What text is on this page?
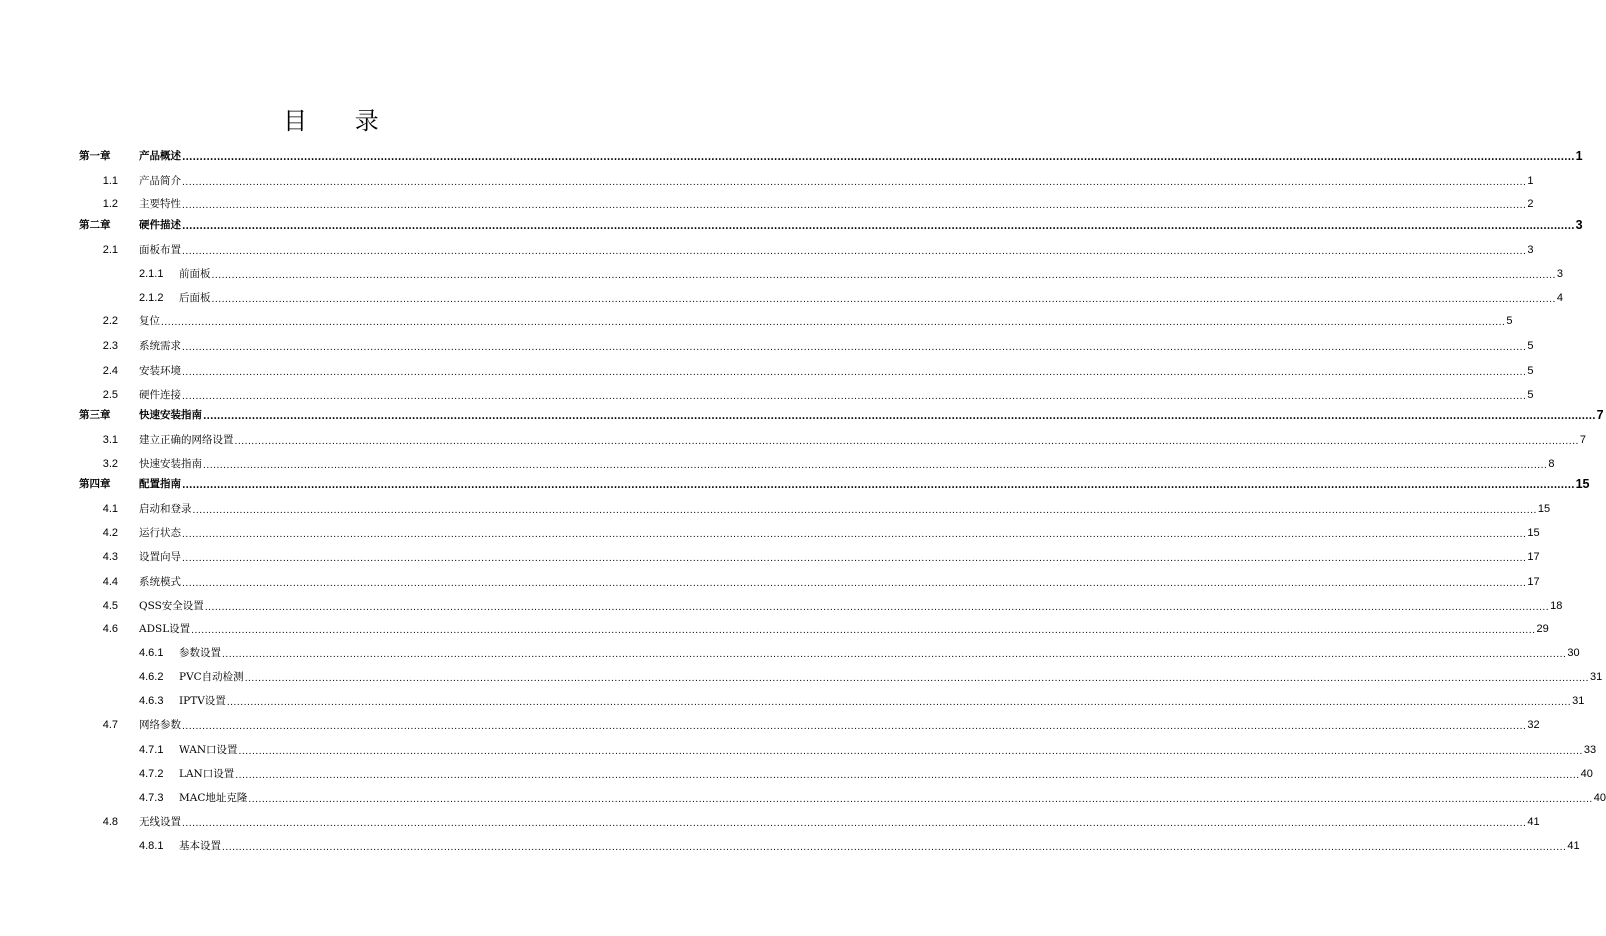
目 录
第一章	产品概述 ................................................................................................................................................................................................................................................................................................................................................................................................................ 1
1.1 产品简介 ................................................................................................................................................................................................................................................................................................................................................................................................................ 1
1.2 主要特性 ................................................................................................................................................................................................................................................................................................................................................................................................................ 2
第二章	硬件描述 ................................................................................................................................................................................................................................................................................................................................................................................................................ 3
2.1 面板布置 ................................................................................................................................................................................................................................................................................................................................................................................................................ 3
2.1.1 前面板 ................................................................................................................................................................................................................................................................................................................................................................................................................ 3
2.1.2 后面板 ................................................................................................................................................................................................................................................................................................................................................................................................................ 4
2.2 复位 ................................................................................................................................................................................................................................................................................................................................................................................................................ 5
2.3 系统需求 ................................................................................................................................................................................................................................................................................................................................................................................................................ 5
2.4 安装环境 ................................................................................................................................................................................................................................................................................................................................................................................................................ 5
2.5 硬件连接 ................................................................................................................................................................................................................................................................................................................................................................................................................ 5
第三章	快速安装指南 ................................................................................................................................................................................................................................................................................................................................................................................................................ 7
3.1 建立正确的网络设置 ................................................................................................................................................................................................................................................................................................................................................................................................................ 7
3.2 快速安装指南 ................................................................................................................................................................................................................................................................................................................................................................................................................ 8
第四章	配置指南 ................................................................................................................................................................................................................................................................................................................................................................................................................ 15
4.1 启动和登录 ................................................................................................................................................................................................................................................................................................................................................................................................................ 15
4.2 运行状态 ................................................................................................................................................................................................................................................................................................................................................................................................................ 15
4.3 设置向导 ................................................................................................................................................................................................................................................................................................................................................................................................................ 17
4.4 系统模式 ................................................................................................................................................................................................................................................................................................................................................................................................................ 17
4.5 QSS安全设置 ................................................................................................................................................................................................................................................................................................................................................................................................................ 18
4.6 ADSL设置 ................................................................................................................................................................................................................................................................................................................................................................................................................ 29
4.6.1 参数设置 ................................................................................................................................................................................................................................................................................................................................................................................................................ 30
4.6.2 PVC自动检测 ................................................................................................................................................................................................................................................................................................................................................................................................................ 31
4.6.3 IPTV设置 ................................................................................................................................................................................................................................................................................................................................................................................................................ 31
4.7 网络参数 ................................................................................................................................................................................................................................................................................................................................................................................................................ 32
4.7.1 WAN口设置 ................................................................................................................................................................................................................................................................................................................................................................................................................ 33
4.7.2 LAN口设置 ................................................................................................................................................................................................................................................................................................................................................................................................................ 40
4.7.3 MAC地址克隆 ................................................................................................................................................................................................................................................................................................................................................................................................................ 40
4.8 无线设置 ................................................................................................................................................................................................................................................................................................................................................................................................................ 41
4.8.1 基本设置 ................................................................................................................................................................................................................................................................................................................................................................................................................ 41
